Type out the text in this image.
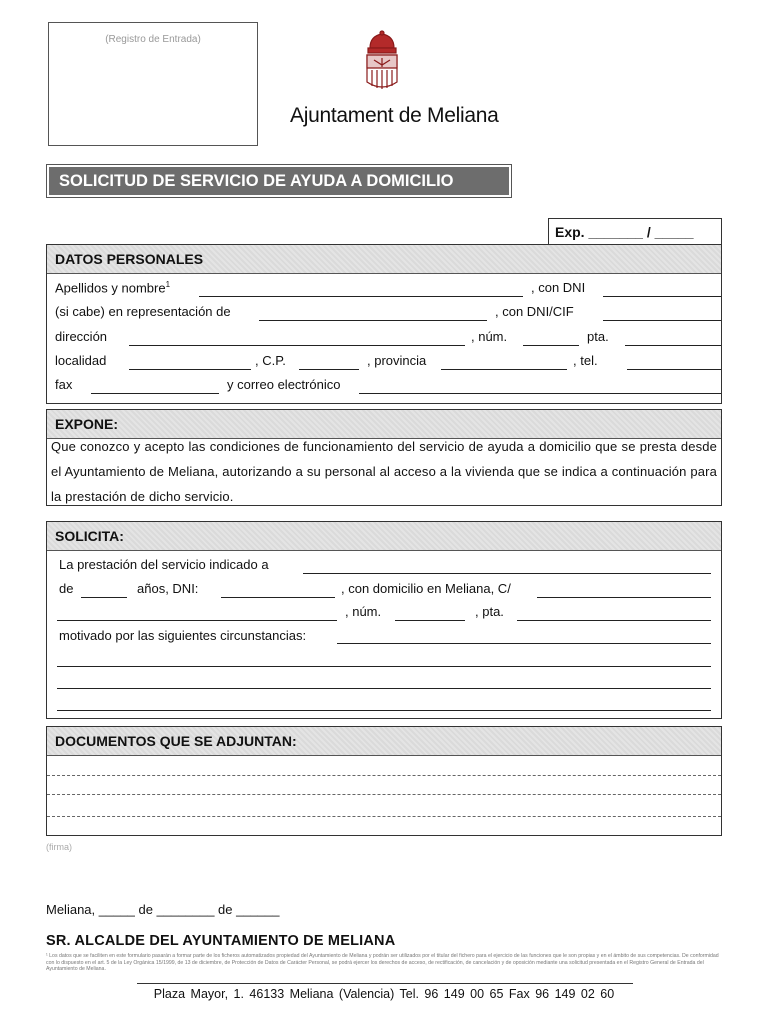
(Registro de Entrada)
Ajuntament de Meliana
SOLICITUD DE SERVICIO DE AYUDA A DOMICILIO
Exp. _______ / _____
DATOS PERSONALES
Apellidos y nombre$^1$	, con DNI
(si cabe) en representación de	, con DNI/CIF
dirección	, núm.	pta.
localidad	, C.P.	, provincia	, tel.
fax	y correo electrónico
EXPONE:
Que conozco y acepto las condiciones de funcionamiento del servicio de ayuda a domicilio que se presta desde el Ayuntamiento de Meliana, autorizando a su personal al acceso a la vivienda que se indica a continuación para la prestación de dicho servicio.
SOLICITA:
La prestación del servicio indicado a
de	años, DNI:	, con domicilio en Meliana, C/
, núm.	, pta.
motivado por las siguientes circunstancias:
DOCUMENTOS QUE SE ADJUNTAN:
(firma)
Meliana, _____ de ________ de ______
SR. ALCALDE DEL AYUNTAMIENTO DE MELIANA
¹ Los datos que se faciliten en este formulario pasarán a formar parte de los ficheros automatizados propiedad del Ayuntamiento de Meliana y podrán ser utilizados por el titular del fichero para el ejercicio de las funciones que le son propias y en el ámbito de sus competencias. De conformidad con lo dispuesto en el art. 5 de la Ley Orgánica 15/1999, de 13 de diciembre, de Protección de Datos de Carácter Personal, se podrá ejercer los derechos de acceso, de rectificación, de cancelación y de oposición mediante una solicitud presentada en el Registro General de Entrada del Ayuntamiento de Meliana.
Plaza Mayor, 1. 46133 Meliana (Valencia) Tel. 96 149 00 65 Fax 96 149 02 60
